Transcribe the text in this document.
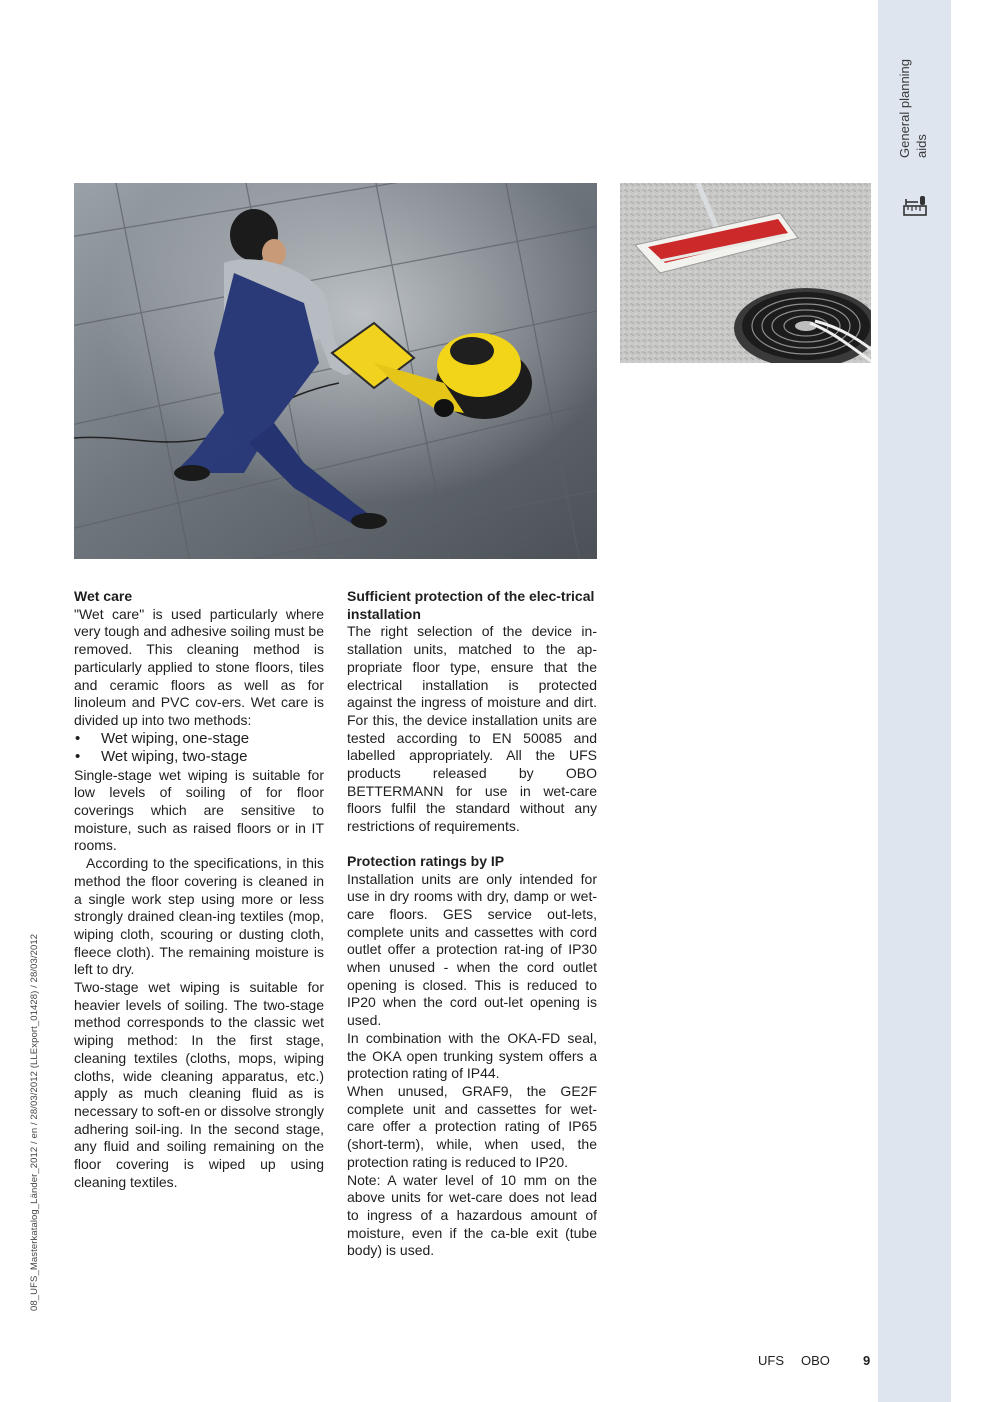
General planning aids
Wet care

"Wet care" is used particularly where very tough and adhesive soiling must be removed. This cleaning method is particularly applied to stone floors, tiles and ceramic floors as well as for linoleum and PVC cov-ers. Wet care is divided up into two methods:

• Wet wiping, one-stage
• Wet wiping, two-stage

Single-stage wet wiping is suitable for low levels of soiling of for floor coverings which are sensitive to moisture, such as raised floors or in IT rooms.

According to the specifications, in this method the floor covering is cleaned in a single work step using more or less strongly drained clean-ing textiles (mop, wiping cloth, scouring or dusting cloth, fleece cloth). The remaining moisture is left to dry.

Two-stage wet wiping is suitable for heavier levels of soiling. The two-stage method corresponds to the classic wet wiping method: In the first stage, cleaning textiles (cloths, mops, wiping cloths, wide cleaning apparatus, etc.) apply as much cleaning fluid as is necessary to soft-en or dissolve strongly adhering soil-ing. In the second stage, any fluid and soiling remaining on the floor covering is wiped up using cleaning textiles.

Sufficient protection of the elec-trical installation

The right selection of the device in-stallation units, matched to the ap-propriate floor type, ensure that the electrical installation is protected against the ingress of moisture and dirt. For this, the device installation units are tested according to EN 50085 and labelled appropriately. All the UFS products released by OBO BETTERMANN for use in wet-care floors fulfil the standard without any restrictions of requirements.

Protection ratings by IP

Installation units are only intended for use in dry rooms with dry, damp or wet-care floors. GES service out-lets, complete units and cassettes with cord outlet offer a protection rat-ing of IP30 when unused - when the cord outlet opening is closed. This is reduced to IP20 when the cord out-let opening is used.

In combination with the OKA-FD seal, the OKA open trunking system offers a protection rating of IP44.

When unused, GRAF9, the GE2F complete unit and cassettes for wet-care offer a protection rating of IP65 (short-term), while, when used, the protection rating is reduced to IP20.

Note: A water level of 10 mm on the above units for wet-care does not lead to ingress of a hazardous amount of moisture, even if the ca-ble exit (tube body) is used.

08_UFS_Masterkatalog_Länder_2012 / en / 28/03/2012 (LLExport_01428) / 28/03/2012
UFS OBO	9
